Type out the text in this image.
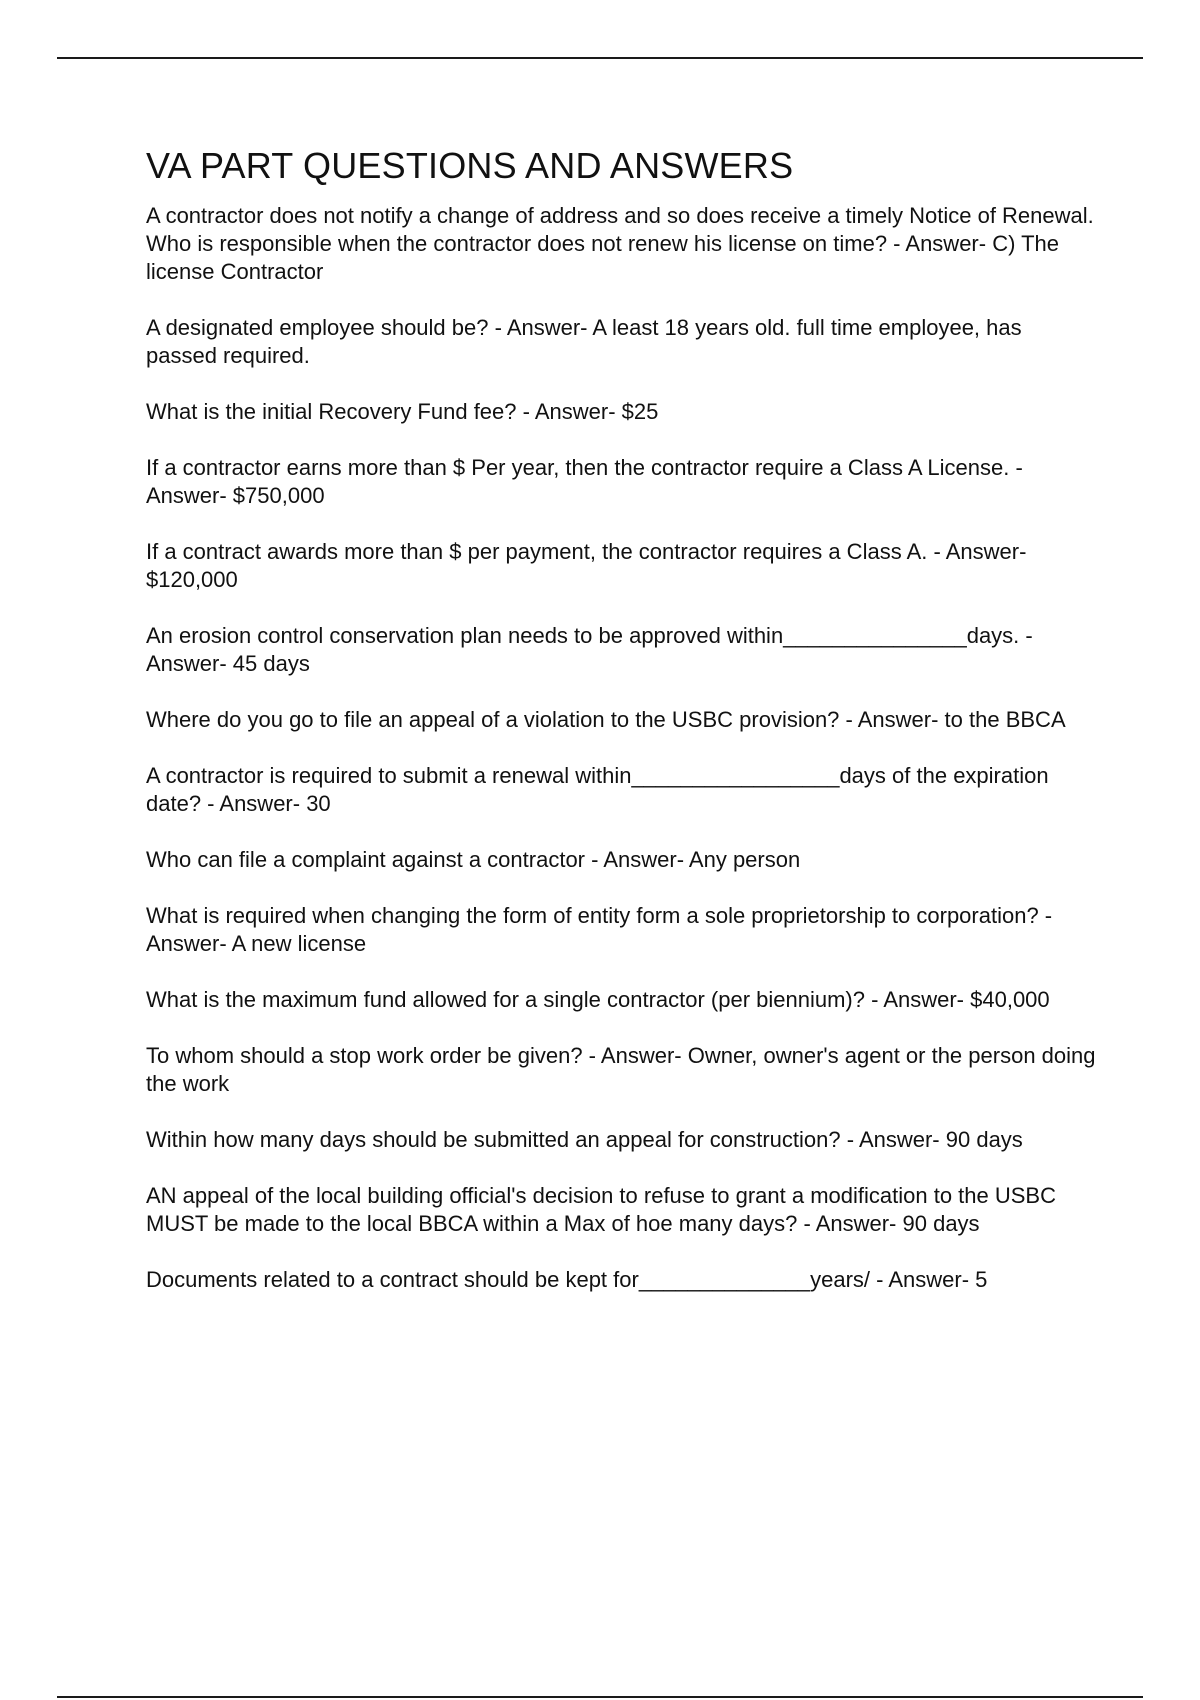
VA PART QUESTIONS AND ANSWERS

A contractor does not notify a change of address and so does receive a timely Notice of Renewal. Who is responsible when the contractor does not renew his license on time? - Answer- C) The license Contractor

A designated employee should be? - Answer- A least 18 years old. full time employee, has passed required.

What is the initial Recovery Fund fee? - Answer- $25

If a contractor earns more than $ Per year, then the contractor require a Class A License. - Answer- $750,000

If a contract awards more than $ per payment, the contractor requires a Class A. - Answer- $120,000

An erosion control conservation plan needs to be approved within_______________days. - Answer- 45 days

Where do you go to file an appeal of a violation to the USBC provision? - Answer- to the BBCA

A contractor is required to submit a renewal within_________________days of the expiration date? - Answer- 30

Who can file a complaint against a contractor - Answer- Any person

What is required when changing the form of entity form a sole proprietorship to corporation? - Answer- A new license

What is the maximum fund allowed for a single contractor (per biennium)? - Answer- $40,000

To whom should a stop work order be given? - Answer- Owner, owner's agent or the person doing the work

Within how many days should be submitted an appeal for construction? - Answer- 90 days

AN appeal of the local building official's decision to refuse to grant a modification to the USBC MUST be made to the local BBCA within a Max of hoe many days? - Answer- 90 days

Documents related to a contract should be kept for______________years/ - Answer- 5
